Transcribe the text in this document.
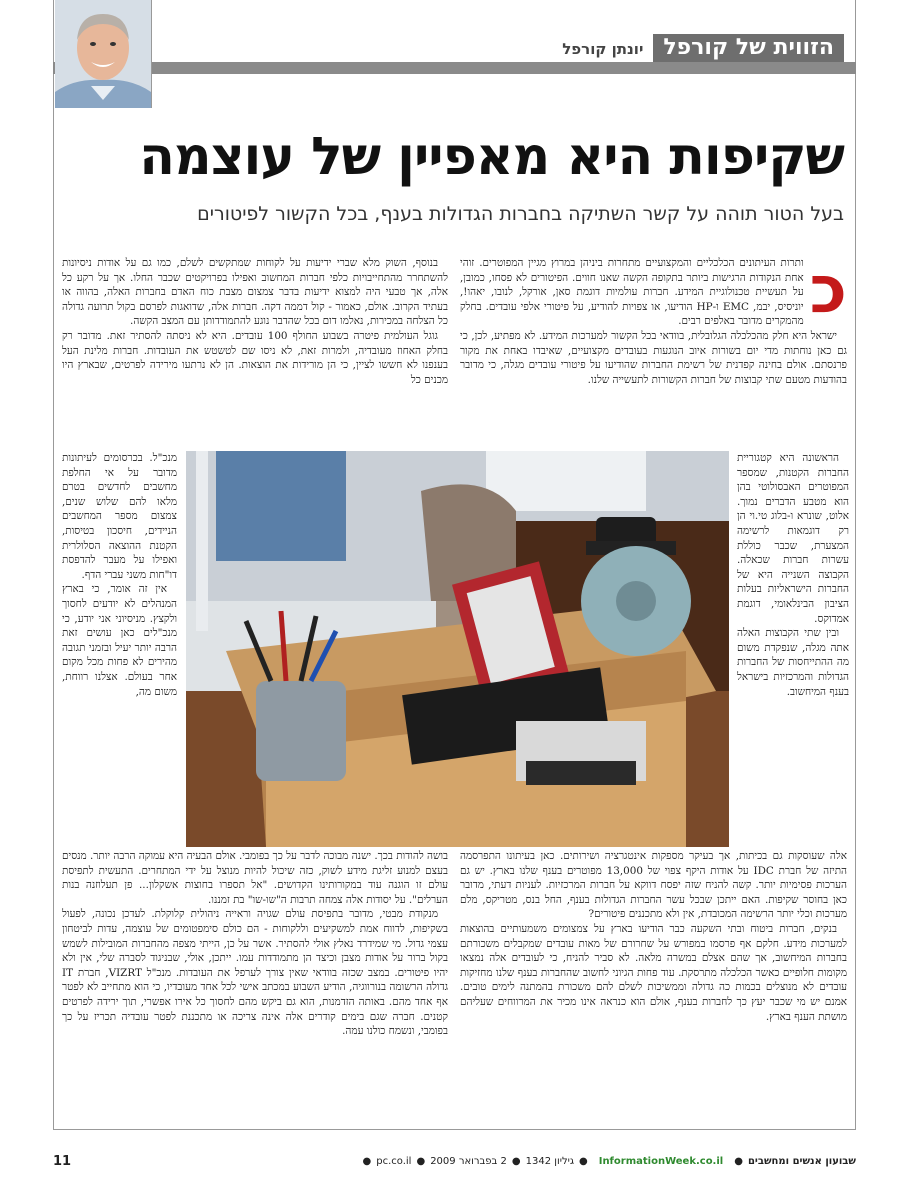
הזווית של קורפל
יונתן קורפל
שקיפות היא מאפיין של עוצמה
בעל הטור תוהה על קשר השתיקה בחברות הגדולות בענף, בכל הקשור לפיטורים
כ

ותרות העיתונים הכלכליים והמקצועיים מתחרות ביניהן במרוץ מגיין המפוטרים. זוהי אחת הנקודות הרגישות ביותר בתקופה הקשה שאנו חווים. הפיטורים לא פסחו, כמובן, על תעשיית טכנולוגיית המידע. חברות עולמיות דוגמת סאן, אורקל, לנובו, יאהו!, יוניסיס, יבמ, EMC ו-HP הודיעו, או צפויות להודיע, על פיטורי אלפי עובדים. בחלק מהמקרים מדובר באלפים רבים.

ישראל היא חלק מהכלכלה הגלובלית, בוודאי בכל הקשור למערכות המידע. לא מפתיע, לכן, כי גם כאן נוחתות מדי יום בשורות איוב הנוגעות בעובדים מקצועיים, שאיבדו באחת את מקור פרנסתם. אולם בחינה קפדנית של רשימת החברות שהודיעו על פיטורי עובדים מגלה, כי מדובר בהודעות מטעם שתי קבוצות של חברות הקשורות לתעשייה שלנו.

בנוסף, השוק מלא שברי ידיעות על לקוחות שמתקשים לשלם, כמו גם על אודות ניסיונות להשתחרר מהתחייבויות כלפי חברות המחשוב ואפילו בפרויקטים שכבר החלו. אך על רקע כל אלה, אך טבעי היה למצוא ידיעות בדבר צמצום מצבת כוח האדם בחברות האלה, בהווה או בעתיד הקרוב. אולם, כאמור - קול דממה דקה. חברות אלה, שדואגות לפרסם בקול תרועה גדולה כל הצלחה במכירות, נאלמו דום בכל שהדבר נוגע להתמודדותן עם המצב הקשה.

גוגל העולמית פיטרה בשבוע החולף 100 עובדים. היא לא ניסתה להסתיר זאת. מדובר רק בחלק האחוז מעובדיה, ולמרות זאת, לא ניסו שם לטשטש את העובדות. חברות מלינת העל בענפנו לא חששו לציין, כי הן מורידות את הוצאות. הן לא נרתעו מירידה לפרטים, שבארץ היו מכנים כל

הראשונה היא קטגוריית החברות הקטנות, שמספר המפוטרים האבסולוטי בהן הוא מטבע הדברים נמוך. אלוט, שונרא ו-בלוג טי.וי הן רק דוגמאות לרשימה המצערת, שכבר כוללת עשרות חברות שכאלה. הקבוצה השנייה היא של החברות הישראליות בעלות הציבון הבינלאומי, דוגמת אמדוקס.

ובין שתי הקבוצות האלה אתה מגלה, שנפקדת משום מה ההתייחסות של החברות הגדולות והמרכזיות בישראל בענף המיחשוב.

מנכ"ל. בכרסומים לעיתונות מדובר על אי החלפת מחשבים לחדשים בטרם מלאו להם שלוש שנים, צמצום מספר המחשבים הניידים, חיסכון בטיסות, הקטנת ההוצאה הסלולרית ואפילו על מעבר להדפסת דו"חות משני עברי הדף.

אין זה אומר, כי בארץ המנהלים לא יודעים לחסוך ולקצץ. מניסיוני אני יודע, כי מנכ"לים כאן עושים זאת הרבה יותר יעיל ובזמני תגובה מהירים לא פחות מכל מקום אחר בעולם. אצלנו רווחת, משום מה,

אלה שעוסקות גם בכיתות, אך בעיקר מספקות אינטגרציה ושירותים. כאן בעיתונו התפרסמה התיזה של חברת IDC על אודות היקף צפוי של 13,000 מפוטרים בענף שלנו בארץ. יש גם הערכות פסימיות יותר. קשה להניח שזה יפסח דווקא על חברות המרכזיות. לעניות דעתי, מדובר כאן בחוסר שקיפות. האם ייתכן שבכל עשר החברות הגדולות בענף, החל בנס, מטריקס, מלם מערכות וכלי יותר הרשימה המכובדת, אין ולא מתכננים פיטורים?

בנקים, חברות ביטוח ובתי השקעה כבר הודיעו בארץ על צמצומים משמעותיים בהוצאות למערכות מידע. חלקם אף פרסמו במפורש על שחרורם של מאות עובדים שמקבלים משכורתם בחברות המיחשוב, אך שהם אצלם במשרה מלאה. לא סביר להניח, כי לעובדים אלה נמצאו מקומות חלופיים כאשר הכלכלה מתרסקת. עוד פחות הגיוני לחשוב שהחברות בענף שלנו מחזיקות עובדים לא מנוצלים בכמות כה גדולה וממשיכות לשלם להם משכורת בהמתנה לימים טובים. אמנם יש מי שכבר יעץ כך לחברות בענף, אולם הוא כנראה אינו מכיר את המרווחים שעליהם מושתת הענף בארץ.

בושה להודות בכך. ישנה מבוכה לדבר על כך בפומבי. אולם הבעיה היא עמוקה הרבה יותר. מנסים בעצם למנוע זליגת מידע לשוק, כזה שיכול להיות מנוצל על ידי המתחרים. התעשית לתפיסת עולם זו הוגנה עוד במקורותינו הקדושים. "אל תספרו בחוצות אשקלון... פן תעלוזנה בנות הערלים". על יסודות אלה צמחה תרבות ה"שו-שו" בת זמננו.

מנקודת מבטי, מדובר בתפיסת עולם שגויה וראייה ניהולית קלוקלת. לעדכן נכונה, לפעול בשקיפות, לדווח אמת למשקיעים וללקוחות - הם כולם סימפטומים של עוצמה, עדות לביטחון עצמי גדול. מי שמידרד נאלץ אולי להסתיר. אשר על כן, הייתי מצפה מהחברות המובילות לשמש בקול ברור על אודות מצבן וכיצד הן מתמודדות עמו. ייתכן, אולי, שבניגוד לסברה שלי, אין ולא יהיו פיטורים. במצב שכזה בוודאי שאין צורך לערפל את העובדות. מנכ"ל VIZRT, חברת IT גדולה הרשומה בנורווגיה, הודיע השבוע במכתב אישי לכל אחד מעובדיו, כי הוא מתחייב לא לפטר אף אחד מהם. באותה הזדמנות, הוא גם ביקש מהם לחסוך כל אירו אפשרי, תוך ירידה לפרטים קטנים. חברה שגם בימים קודרים אלה אינה צריכה או מתכננת לפטר עובדיה תכריז על כך בפומבי, ונשמח כולנו עמה.

שבועון אנשים ומחשבים
●
InformationWeek.co.il
●
גיליון 1342
●
2 בפברואר 2009
●
pc.co.il
●
11
